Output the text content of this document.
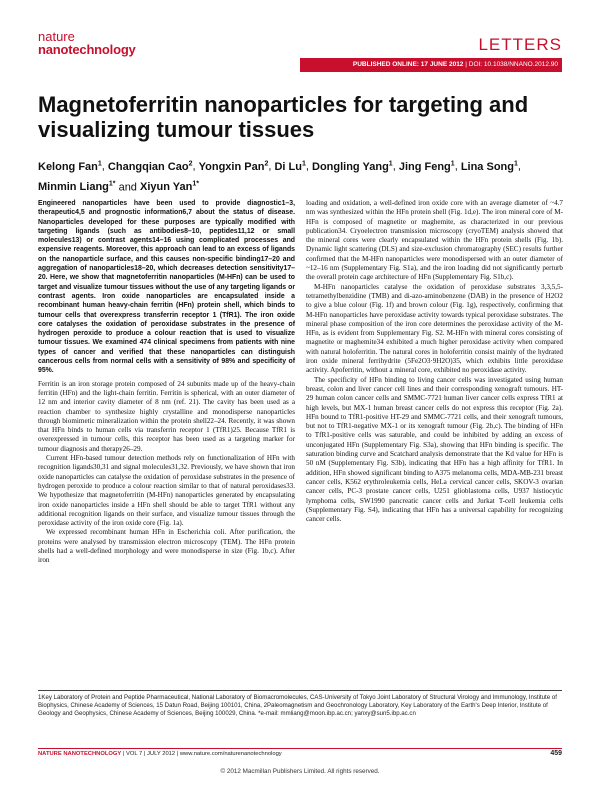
nature
nanotechnology	LETTERS
PUBLISHED ONLINE: 17 JUNE 2012 | DOI: 10.1038/NNANO.2012.90
Magnetoferritin nanoparticles for targeting and visualizing tumour tissues
Kelong Fan$^1$, Changqian Cao$^2$, Yongxin Pan$^2$, Di Lu$^1$, Dongling Yang$^1$, Jing Feng$^1$, Lina Song$^1$, Minmin Liang$^{1*}$ and Xiyun Yan$^{1*}$

Engineered nanoparticles have been used to provide diagnostic1–3, therapeutic4,5 and prognostic information6,7 about the status of disease. Nanoparticles developed for these purposes are typically modified with targeting ligands (such as antibodies8–10, peptides11,12 or small molecules13) or contrast agents14–16 using complicated processes and expensive reagents. Moreover, this approach can lead to an excess of ligands on the nanoparticle surface, and this causes non-specific binding17–20 and aggregation of nanoparticles18–20, which decreases detection sensitivity17–20. Here, we show that magnetoferritin nanoparticles (M-HFn) can be used to target and visualize tumour tissues without the use of any targeting ligands or contrast agents. Iron oxide nanoparticles are encapsulated inside a recombinant human heavy-chain ferritin (HFn) protein shell, which binds to tumour cells that overexpress transferrin receptor 1 (TfR1). The iron oxide core catalyses the oxidation of peroxidase substrates in the presence of hydrogen peroxide to produce a colour reaction that is used to visualize tumour tissues. We examined 474 clinical specimens from patients with nine types of cancer and verified that these nanoparticles can distinguish cancerous cells from normal cells with a sensitivity of 98% and specificity of 95%.

Ferritin is an iron storage protein composed of 24 subunits made up of the heavy-chain ferritin (HFn) and the light-chain ferritin. Ferritin is spherical, with an outer diameter of 12 nm and interior cavity diameter of 8 nm (ref. 21). The cavity has been used as a reaction chamber to synthesize highly crystalline and monodisperse nanoparticles through biomimetic mineralization within the protein shell22–24. Recently, it was shown that HFn binds to human cells via transferrin receptor 1 (TfR1)25. Because TfR1 is overexpressed in tumour cells, this receptor has been used as a targeting marker for tumour diagnosis and therapy26–29.

Current HFn-based tumour detection methods rely on functionalization of HFn with recognition ligands30,31 and signal molecules31,32. Previously, we have shown that iron oxide nanoparticles can catalyse the oxidation of peroxidase substrates in the presence of hydrogen peroxide to produce a colour reaction similar to that of natural peroxidases33. We hypothesize that magnetoferritin (M-HFn) nanoparticles generated by encapsulating iron oxide nanoparticles inside a HFn shell should be able to target TfR1 without any additional recognition ligands on their surface, and visualize tumour tissues through the peroxidase activity of the iron oxide core (Fig. 1a).

We expressed recombinant human HFn in Escherichia coli. After purification, the proteins were analysed by transmission electron microscopy (TEM). The HFn protein shells had a well-defined morphology and were monodisperse in size (Fig. 1b,c). After iron

loading and oxidation, a well-defined iron oxide core with an average diameter of ~4.7 nm was synthesized within the HFn protein shell (Fig. 1d,e). The iron mineral core of M-HFn is composed of magnetite or maghemite, as characterized in our previous publication34. Cryoelectron transmission microscopy (cryoTEM) analysis showed that the mineral cores were clearly encapsulated within the HFn protein shells (Fig. 1b). Dynamic light scattering (DLS) and size-exclusion chromatography (SEC) results further confirmed that the M-HFn nanoparticles were monodispersed with an outer diameter of ~12–16 nm (Supplementary Fig. S1a), and the iron loading did not significantly perturb the overall protein cage architecture of HFn (Supplementary Fig. S1b,c).

M-HFn nanoparticles catalyse the oxidation of peroxidase substrates 3,3,5,5-tetramethylbenzidine (TMB) and di-azo-aminobenzene (DAB) in the presence of H2O2 to give a blue colour (Fig. 1f) and brown colour (Fig. 1g), respectively, confirming that M-HFn nanoparticles have peroxidase activity towards typical peroxidase substrates. The mineral phase composition of the iron core determines the peroxidase activity of the M-HFn, as is evident from Supplementary Fig. S2. M-HFn with mineral cores consisting of magnetite or maghemite34 exhibited a much higher peroxidase activity when compared with natural holoferritin. The natural cores in holoferritin consist mainly of the hydrated iron oxide mineral ferrihydrite (5Fe2O3·9H2O)35, which exhibits little peroxidase activity. Apoferritin, without a mineral core, exhibited no peroxidase activity.

The specificity of HFn binding to living cancer cells was investigated using human breast, colon and liver cancer cell lines and their corresponding xenograft tumours. HT-29 human colon cancer cells and SMMC-7721 human liver cancer cells express TfR1 at high levels, but MX-1 human breast cancer cells do not express this receptor (Fig. 2a). HFn bound to TfR1-positive HT-29 and SMMC-7721 cells, and their xenograft tumours, but not to TfR1-negative MX-1 or its xenograft tumour (Fig. 2b,c). The binding of HFn to TfR1-positive cells was saturable, and could be inhibited by adding an excess of unconjugated HFn (Supplementary Fig. S3a), showing that HFn binding is specific. The saturation binding curve and Scatchard analysis demonstrate that the Kd value for HFn is 50 nM (Supplementary Fig. S3b), indicating that HFn has a high affinity for TfR1. In addition, HFn showed significant binding to A375 melanoma cells, MDA-MB-231 breast cancer cells, K562 erythroleukemia cells, HeLa cervical cancer cells, SKOV-3 ovarian cancer cells, PC-3 prostate cancer cells, U251 glioblastoma cells, U937 histiocytic lymphoma cells, SW1990 pancreatic cancer cells and Jurkat T-cell leukemia cells (Supplementary Fig. S4), indicating that HFn has a universal capability for recognizing cancer cells.

1Key Laboratory of Protein and Peptide Pharmaceutical, National Laboratory of Biomacromolecules, CAS-University of Tokyo Joint Laboratory of Structural Virology and Immunology, Institute of Biophysics, Chinese Academy of Sciences, 15 Datun Road, Beijing 100101, China, 2Paleomagnetism and Geochronology Laboratory, Key Laboratory of the Earth's Deep Interior, Institute of Geology and Geophysics, Chinese Academy of Sciences, Beijing 100029, China. *e-mail: mmliang@moon.ibp.ac.cn; yanxy@sun5.ibp.ac.cn
NATURE NANOTECHNOLOGY | VOL 7 | JULY 2012 | www.nature.com/naturenanotechnology	459
© 2012 Macmillan Publishers Limited. All rights reserved.
